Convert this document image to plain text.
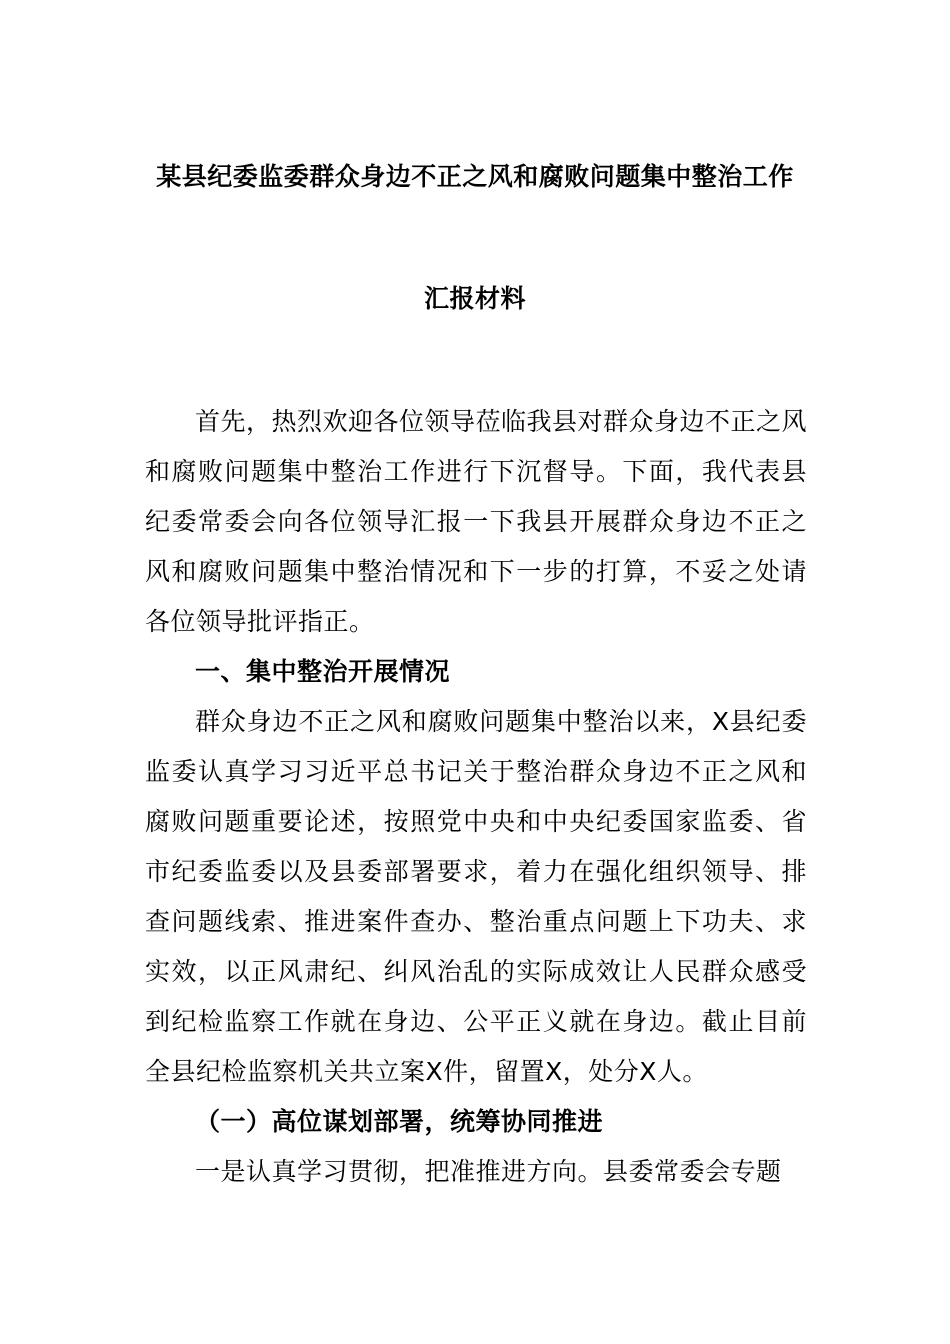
某县纪委监委群众身边不正之风和腐败问题集中整治工作
汇报材料

首先，热烈欢迎各位领导莅临我县对群众身边不正之风和腐败问题集中整治工作进行下沉督导。下面，我代表县纪委常委会向各位领导汇报一下我县开展群众身边不正之风和腐败问题集中整治情况和下一步的打算，不妥之处请各位领导批评指正。

一、集中整治开展情况

群众身边不正之风和腐败问题集中整治以来，X县纪委监委认真学习习近平总书记关于整治群众身边不正之风和腐败问题重要论述，按照党中央和中央纪委国家监委、省市纪委监委以及县委部署要求，着力在强化组织领导、排查问题线索、推进案件查办、整治重点问题上下功夫、求实效，以正风肃纪、纠风治乱的实际成效让人民群众感受到纪检监察工作就在身边、公平正义就在身边。截止目前全县纪检监察机关共立案X件，留置X，处分X人。

（一）高位谋划部署，统筹协同推进

一是认真学习贯彻，把准推进方向。县委常委会专题
